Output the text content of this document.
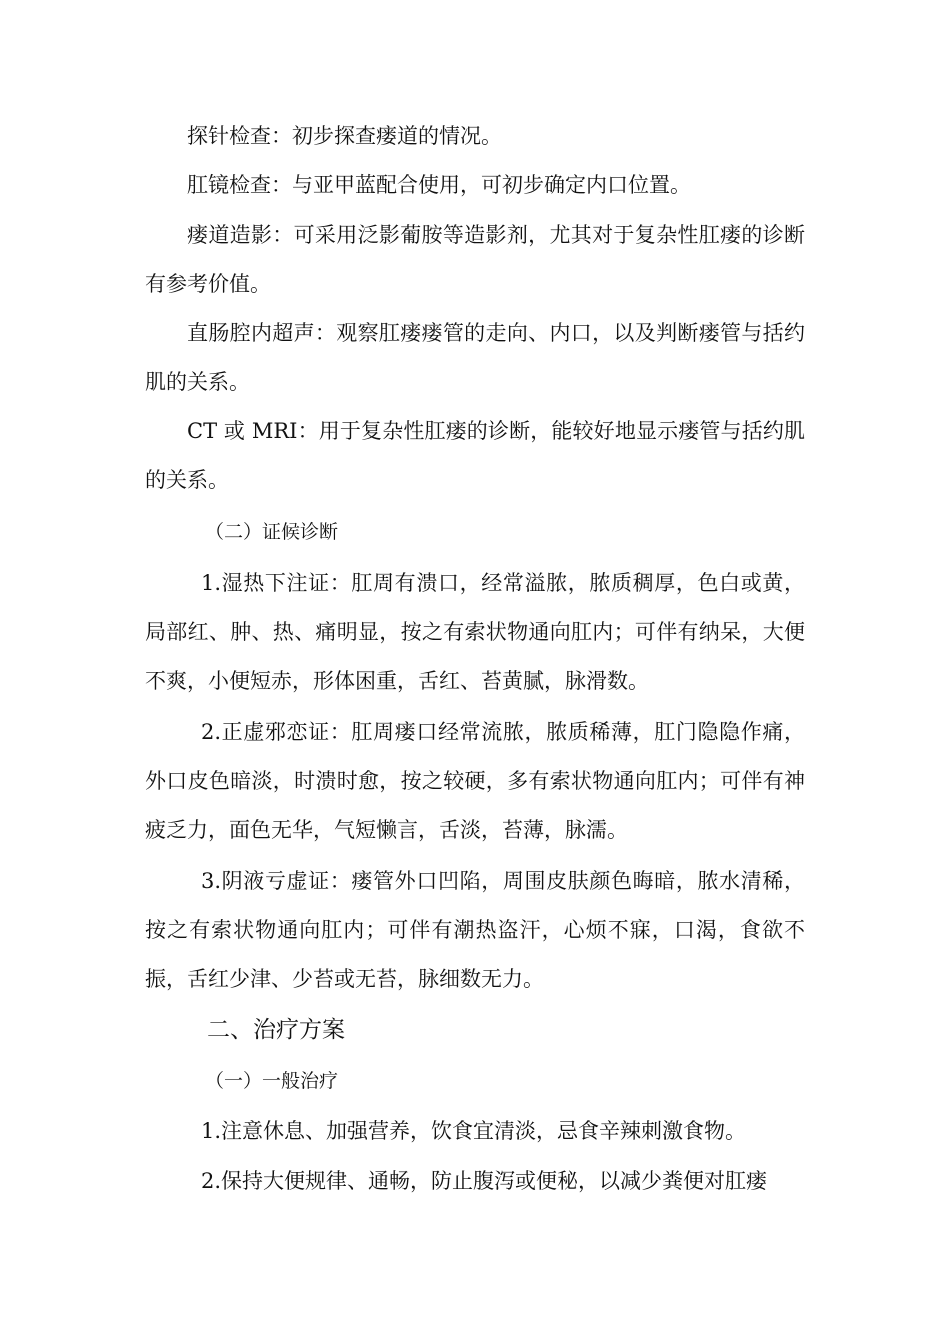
探针检查：初步探查瘘道的情况。

肛镜检查：与亚甲蓝配合使用，可初步确定内口位置。

瘘道造影：可采用泛影葡胺等造影剂，尤其对于复杂性肛瘘的诊断有参考价值。

直肠腔内超声：观察肛瘘瘘管的走向、内口，以及判断瘘管与括约肌的关系。

CT 或 MRI：用于复杂性肛瘘的诊断，能较好地显示瘘管与括约肌的关系。

（二）证候诊断

1.湿热下注证：肛周有溃口，经常溢脓，脓质稠厚，色白或黄，局部红、肿、热、痛明显，按之有索状物通向肛内；可伴有纳呆，大便不爽，小便短赤，形体困重，舌红、苔黄腻，脉滑数。

2.正虚邪恋证：肛周瘘口经常流脓，脓质稀薄，肛门隐隐作痛，外口皮色暗淡，时溃时愈，按之较硬，多有索状物通向肛内；可伴有神疲乏力，面色无华，气短懒言，舌淡，苔薄，脉濡。

3.阴液亏虚证：瘘管外口凹陷，周围皮肤颜色晦暗，脓水清稀，按之有索状物通向肛内；可伴有潮热盗汗，心烦不寐，口渴，食欲不振，舌红少津、少苔或无苔，脉细数无力。

二、治疗方案

（一）一般治疗

1.注意休息、加强营养，饮食宜清淡，忌食辛辣刺激食物。

2.保持大便规律、通畅，防止腹泻或便秘，以减少粪便对肛瘘
